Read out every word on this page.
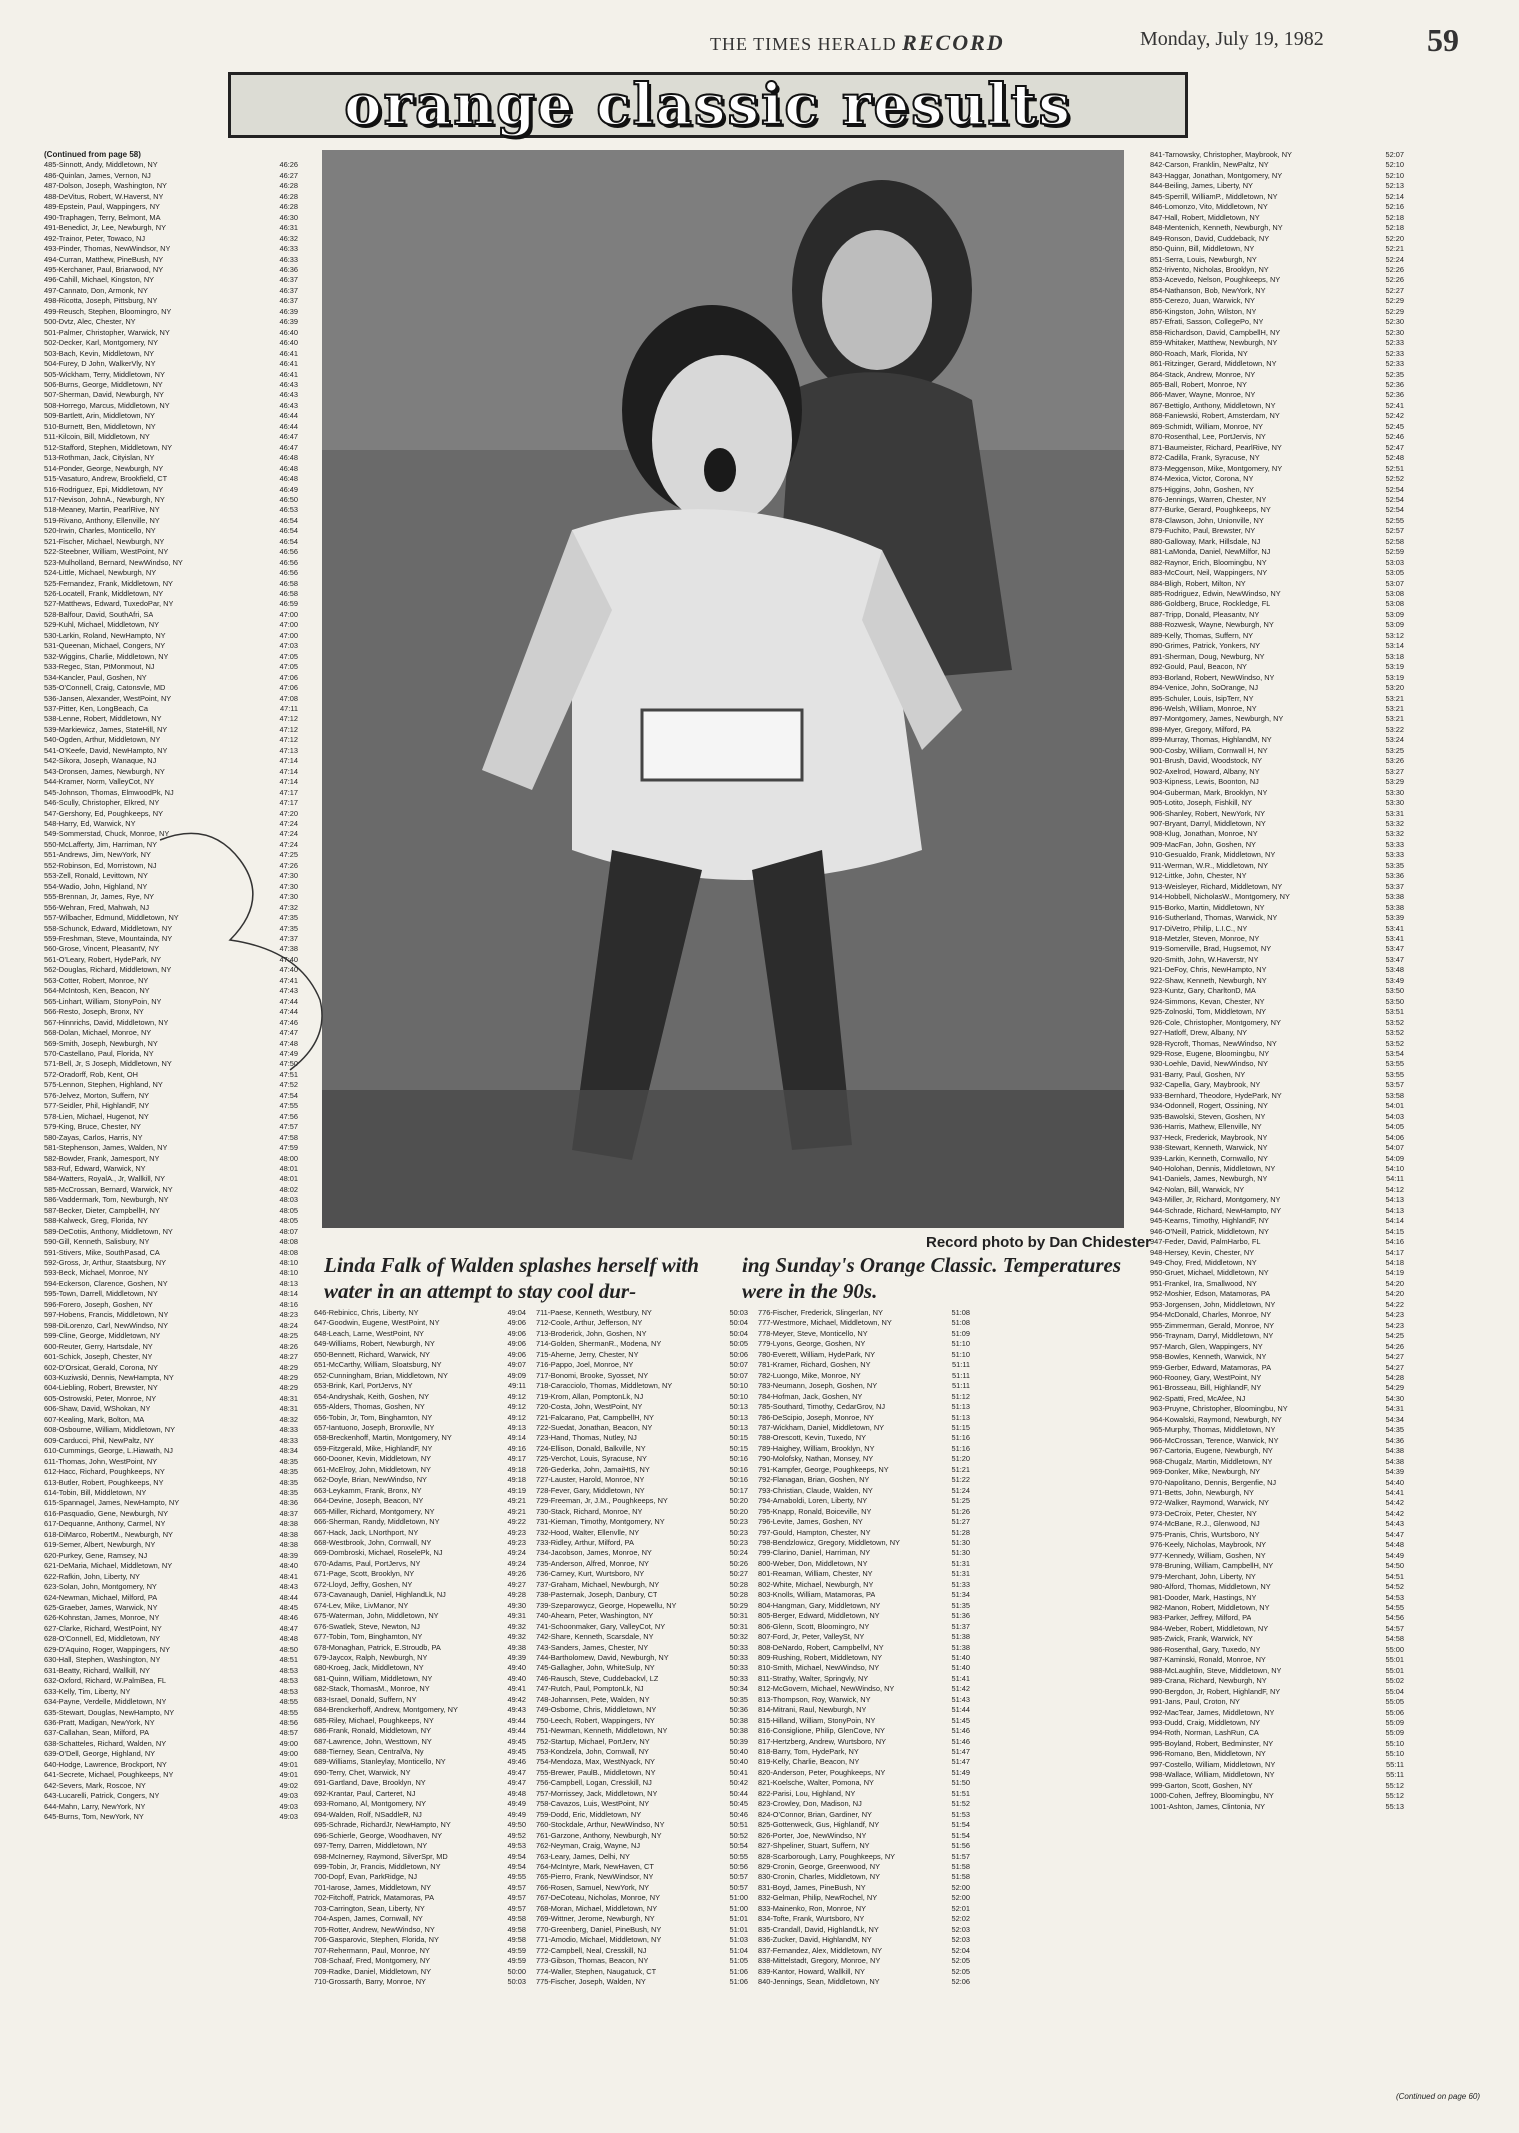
THE TIMES HERALD RECORD	Monday, July 19, 1982	59
orange classic results
(Continued from page 58)
485-Sinnott, Andy, Middletown, NY	46:26
486-Quinlan, James, Vernon, NJ	46:27
487-Dolson, Joseph, Washington, NY	46:28
488-DeVitus, Robert, W.Haverst, NY	46:28
489-Epstein, Paul, Wappingers, NY	46:28
490-Traphagen, Terry, Belmont, MA	46:30
491-Benedict, Jr, Lee, Newburgh, NY	46:31
492-Trainor, Peter, Towaco, NJ	46:32
493-Pinder, Thomas, NewWindsor, NY	46:33
494-Curran, Matthew, PineBush, NY	46:33
495-Kerchaner, Paul, Briarwood, NY	46:36
496-Cahill, Michael, Kingston, NY	46:37
497-Cannato, Don, Armonk, NY	46:37
498-Ricotta, Joseph, Pittsburg, NY	46:37
499-Reusch, Stephen, Bloomingro, NY	46:39
500-Dvtz, Alec, Chester, NY	46:39
501-Palmer, Christopher, Warwick, NY	46:40
502-Decker, Karl, Montgomery, NY	46:40
503-Bach, Kevin, Middletown, NY	46:41
504-Furey, D John, WalkerVly, NY	46:41
505-Wickham, Terry, Middletown, NY	46:41
506-Burns, George, Middletown, NY	46:43
507-Sherman, David, Newburgh, NY	46:43
508-Horrego, Marcus, Middletown, NY	46:43
509-Bartlett, Arin, Middletown, NY	46:44
510-Burnett, Ben, Middletown, NY	46:44
511-Kilcoin, Bill, Middletown, NY	46:47
512-Stafford, Stephen, Middletown, NY	46:47
513-Rothman, Jack, Cityislan, NY	46:48
514-Ponder, George, Newburgh, NY	46:48
515-Vasaturo, Andrew, Brookfield, CT	46:48
516-Rodriguez, Epi, Middletown, NY	46:49
517-Nevison, JohnA., Newburgh, NY	46:50
518-Meaney, Martin, PearlRive, NY	46:53
519-Rivano, Anthony, Ellenville, NY	46:54
520-Irwin, Charles, Monticello, NY	46:54
521-Fischer, Michael, Newburgh, NY	46:54
522-Steebner, William, WestPoint, NY	46:56
523-Mulholland, Bernard, NewWindso, NY	46:56
524-Little, Michael, Newburgh, NY	46:56
525-Fernandez, Frank, Middletown, NY	46:58
526-Locatell, Frank, Middletown, NY	46:58
527-Matthews, Edward, TuxedoPar, NY	46:59
528-Balfour, David, SouthAfri, SA	47:00
529-Kuhl, Michael, Middletown, NY	47:00
530-Larkin, Roland, NewHampto, NY	47:00
531-Queenan, Michael, Congers, NY	47:03
532-Wiggins, Charlie, Middletown, NY	47:05
533-Regec, Stan, PtMonmout, NJ	47:05
534-Kancler, Paul, Goshen, NY	47:06
535-O'Connell, Craig, Catonsvle, MD	47:06
536-Jansen, Alexander, WestPoint, NY	47:08
537-Pitter, Ken, LongBeach, Ca	47:11
538-Lenne, Robert, Middletown, NY	47:12
539-Markiewicz, James, StateHill, NY	47:12
540-Ogden, Arthur, Middletown, NY	47:12
541-O'Keefe, David, NewHampto, NY	47:13
542-Sikora, Joseph, Wanaque, NJ	47:14
543-Dronsen, James, Newburgh, NY	47:14
544-Kramer, Norm, ValleyCot, NY	47:14
545-Johnson, Thomas, ElmwoodPk, NJ	47:17
546-Scully, Christopher, Elkred, NY	47:17
547-Gershony, Ed, Poughkeeps, NY	47:20
548-Harry, Ed, Warwick, NY	47:24
549-Sommerstad, Chuck, Monroe, NY	47:24
550-McLafferty, Jim, Harriman, NY	47:24
551-Andrews, Jim, NewYork, NY	47:25
552-Robinson, Ed, Morristown, NJ	47:26
553-Zell, Ronald, Levittown, NY	47:30
554-Wadio, John, Highland, NY	47:30
555-Brennan, Jr, James, Rye, NY	47:30
556-Wehran, Fred, Mahwah, NJ	47:32
557-Wilbacher, Edmund, Middletown, NY	47:35
558-Schunck, Edward, Middletown, NY	47:35
559-Freshman, Steve, Mountainda, NY	47:37
560-Grose, Vincent, PleasantV, NY	47:38
561-O'Leary, Robert, HydePark, NY	47:40
562-Douglas, Richard, Middletown, NY	47:40
563-Cotter, Robert, Monroe, NY	47:41
564-McIntosh, Ken, Beacon, NY	47:43
565-Linhart, William, StonyPoin, NY	47:44
566-Resto, Joseph, Bronx, NY	47:44
567-Hinnrichs, David, Middletown, NY	47:46
568-Dolan, Michael, Monroe, NY	47:47
569-Smith, Joseph, Newburgh, NY	47:48
570-Castellano, Paul, Florida, NY	47:49
571-Bell, Jr, S Joseph, Middletown, NY	47:50
572-Oradorff, Rob, Kent, OH	47:51
575-Lennon, Stephen, Highland, NY	47:52
576-Jelvez, Morton, Suffern, NY	47:54
577-Seidler, Phil, HighlandF, NY	47:55
578-Lien, Michael, Hugenot, NY	47:56
579-King, Bruce, Chester, NY	47:57
580-Zayas, Carlos, Harris, NY	47:58
581-Stephenson, James, Walden, NY	47:59
582-Bowder, Frank, Jamesport, NY	48:00
583-Ruf, Edward, Warwick, NY	48:01
584-Watters, RoyalA., Jr, Wallkill, NY	48:01
585-McCrossan, Bernard, Warwick, NY	48:02
586-Vaddermark, Tom, Newburgh, NY	48:03
587-Becker, Dieter, CampbellH, NY	48:05
588-Kalweck, Greg, Florida, NY	48:05
589-DeCotiis, Anthony, Middletown, NY	48:07
590-Gill, Kenneth, Salisbury, NY	48:08
591-Stivers, Mike, SouthPasad, CA	48:08
592-Gross, Jr, Arthur, Staatsburg, NY	48:10
593-Beck, Michael, Monroe, NY	48:10
594-Eckerson, Clarence, Goshen, NY	48:13
595-Town, Darrell, Middletown, NY	48:14
596-Forero, Joseph, Goshen, NY	48:16
597-Hobens, Francis, Middletown, NY	48:23
598-DiLorenzo, Carl, NewWindso, NY	48:24
599-Cline, George, Middletown, NY	48:25
600-Reuter, Gerry, Hartsdale, NY	48:26
601-Schick, Joseph, Chester, NY	48:27
602-D'Orsicat, Gerald, Corona, NY	48:29
603-Kuziwski, Dennis, NewHampta, NY	48:29
604-Liebling, Robert, Brewster, NY	48:29
605-Ostrowski, Peter, Monroe, NY	48:31
606-Shaw, David, WShokan, NY	48:31
607-Kealing, Mark, Bolton, MA	48:32
608-Osbourne, William, Middletown, NY	48:33
609-Carducci, Phil, NewPaltz, NY	48:33
610-Cummings, George, L.Hiawath, NJ	48:34
611-Thomas, John, WestPoint, NY	48:35
612-Hacc, Richard, Poughkeeps, NY	48:35
613-Butler, Robert, Poughkeeps, NY	48:35
614-Tobin, Bill, Middletown, NY	48:35
615-Spannagel, James, NewHampto, NY	48:36
616-Pasquadio, Gene, Newburgh, NY	48:37
617-Dequanne, Anthony, Carmel, NY	48:38
618-DiMarco, RobertM., Newburgh, NY	48:38
619-Semer, Albert, Newburgh, NY	48:38
620-Purkey, Gene, Ramsey, NJ	48:39
621-DeMaria, Michael, Middletown, NY	48:40
622-Rafkin, John, Liberty, NY	48:41
623-Solan, John, Montgomery, NY	48:43
624-Newman, Michael, Milford, PA	48:44
625-Graeber, James, Warwick, NY	48:45
626-Kohnstan, James, Monroe, NY	48:46
627-Clarke, Richard, WestPoint, NY	48:47
628-O'Connell, Ed, Middletown, NY	48:48
629-D'Aquino, Roger, Wappingers, NY	48:50
630-Hall, Stephen, Washington, NY	48:51
631-Beatty, Richard, Wallkill, NY	48:53
632-Oxford, Richard, W.PalmBea, FL	48:53
633-Kelly, Tim, Liberty, NY	48:53
634-Payne, Verdelle, Middletown, NY	48:55
635-Stewart, Douglas, NewHampto, NY	48:55
636-Pratt, Madigan, NewYork, NY	48:56
637-Callahan, Sean, Milford, PA	48:57
638-Schatteles, Richard, Walden, NY	49:00
639-O'Dell, George, Highland, NY	49:00
640-Hodge, Lawrence, Brockport, NY	49:01
641-Secrete, Michael, Poughkeeps, NY	49:01
642-Severs, Mark, Roscoe, NY	49:02
643-Lucarelli, Patrick, Congers, NY	49:03
644-Mahn, Larry, NewYork, NY	49:03
645-Burns, Tom, NewYork, NY	49:03
Record photo by Dan Chidester
Linda Falk of Walden splashes herself with water in an attempt to stay cool dur-
ing Sunday's Orange Classic. Temperatures were in the 90s.
646-Rebinicc, Chris, Liberty, NY	49:04
647-Goodwin, Eugene, WestPoint, NY	49:06
648-Leach, Larne, WestPoint, NY	49:06
649-Williams, Robert, Newburgh, NY	49:06
650-Bennett, Richard, Warwick, NY	49:06
651-McCarthy, William, Sloatsburg, NY	49:07
652-Cunningham, Brian, Middletown, NY	49:09
653-Brink, Karl, PortJervs, NY	49:11
654-Andryshak, Keith, Goshen, NY	49:12
655-Alders, Thomas, Goshen, NY	49:12
656-Tobin, Jr, Tom, Binghamton, NY	49:12
657-Iantuono, Joseph, Bronxvlle, NY	49:13
658-Breckenhoff, Martin, Montgomery, NY	49:14
659-Fitzgerald, Mike, HighlandF, NY	49:16
660-Dooner, Kevin, Middletown, NY	49:17
661-McElroy, John, Middletown, NY	49:18
662-Doyle, Brian, NewWindso, NY	49:18
663-Leykamm, Frank, Bronx, NY	49:19
664-Devine, Joseph, Beacon, NY	49:21
665-Miller, Richard, Montgomery, NY	49:21
666-Sherman, Randy, Middletown, NY	49:22
667-Hack, Jack, LNorthport, NY	49:23
668-Westbrook, John, Cornwall, NY	49:23
669-Dombroski, Michael, RoselePk, NJ	49:24
670-Adams, Paul, PortJervs, NY	49:24
671-Page, Scott, Brooklyn, NY	49:26
672-Lloyd, Jeffry, Goshen, NY	49:27
673-Cavanaugh, Daniel, HighlandLk, NJ	49:28
674-Lev, Mike, LivManor, NY	49:30
675-Waterman, John, Middletown, NY	49:31
676-Swatlek, Steve, Newton, NJ	49:32
677-Tobin, Tom, Binghamton, NY	49:32
678-Monaghan, Patrick, E.Stroudb, PA	49:38
679-Jaycox, Ralph, Newburgh, NY	49:39
680-Kroeg, Jack, Middletown, NY	49:40
681-Quinn, William, Middletown, NY	49:40
682-Stack, ThomasM., Monroe, NY	49:41
683-Israel, Donald, Suffern, NY	49:42
684-Brenckerhoff, Andrew, Montgomery, NY	49:43
685-Riley, Michael, Poughkeeps, NY	49:44
686-Frank, Ronald, Middletown, NY	49:44
687-Lawrence, John, Westtown, NY	49:45
688-Tierney, Sean, CentralVa, Ny	49:45
689-Williams, Stanleylay, Monticello, NY	49:46
690-Terry, Chet, Warwick, NY	49:47
691-Gartland, Dave, Brooklyn, NY	49:47
692-Krantar, Paul, Carteret, NJ	49:48
693-Romano, Al, Montgomery, NY	49:49
694-Walden, Rolf, NSaddleR, NJ	49:49
695-Schrade, RichardJr, NewHampto, NY	49:50
696-Schierle, George, Woodhaven, NY	49:52
697-Terry, Darren, Middletown, NY	49:53
698-McInerney, Raymond, SilverSpr, MD	49:54
699-Tobin, Jr, Francis, Middletown, NY	49:54
700-Dopf, Evan, ParkRidge, NJ	49:55
701-Iarose, James, Middletown, NY	49:57
702-Fitchoff, Patrick, Matamoras, PA	49:57
703-Carrington, Sean, Liberty, NY	49:57
704-Aspen, James, Cornwall, NY	49:58
705-Rotter, Andrew, NewWindso, NY	49:58
706-Gasparovic, Stephen, Florida, NY	49:58
707-Rehermann, Paul, Monroe, NY	49:59
708-Schaaf, Fred, Montgomery, NY	49:59
709-Radke, Daniel, Middletown, NY	50:00
710-Grossarth, Barry, Monroe, NY	50:03
711-Paese, Kenneth, Westbury, NY	50:03
712-Coole, Arthur, Jefferson, NY	50:04
713-Broderick, John, Goshen, NY	50:04
714-Golden, ShermanR., Modena, NY	50:05
715-Aherne, Jerry, Chester, NY	50:06
716-Pappo, Joel, Monroe, NY	50:07
717-Bonomi, Brooke, Syosset, NY	50:07
718-Caracciolo, Thomas, Middletown, NY	50:10
719-Krom, Allan, PomptonLk, NJ	50:10
720-Costa, John, WestPoint, NY	50:13
721-Falcarano, Pat, CampbellH, NY	50:13
722-Suedat, Jonathan, Beacon, NY	50:13
723-Hand, Thomas, Nutley, NJ	50:15
724-Ellison, Donald, Balkville, NY	50:15
725-Verchot, Louis, Syracuse, NY	50:16
726-Gederka, John, JamaiHtS, NY	50:16
727-Lauster, Harold, Monroe, NY	50:16
728-Fever, Gary, Middletown, NY	50:17
729-Freeman, Jr, J.M., Poughkeeps, NY	50:20
730-Stack, Richard, Monroe, NY	50:20
731-Kiernan, Timothy, Montgomery, NY	50:23
732-Hood, Walter, Ellenvlle, NY	50:23
733-Ridley, Arthur, Milford, PA	50:23
734-Jacobson, James, Monroe, NY	50:24
735-Anderson, Alfred, Monroe, NY	50:26
736-Carney, Kurt, Wurtsboro, NY	50:27
737-Graham, Michael, Newburgh, NY	50:28
738-Pasternak, Joseph, Danbury, CT	50:28
739-Szeparowycz, George, Hopewellu, NY	50:29
740-Ahearn, Peter, Washington, NY	50:31
741-Schoonmaker, Gary, ValleyCot, NY	50:31
742-Share, Kenneth, Scarsdale, NY	50:32
743-Sanders, James, Chester, NY	50:33
744-Bartholomew, David, Newburgh, NY	50:33
745-Gallagher, John, WhiteSulp, NY	50:33
746-Rausch, Steve, Cuddebackvl, LZ	50:33
747-Rutch, Paul, PomptonLk, NJ	50:34
748-Johannsen, Pete, Walden, NY	50:35
749-Osborne, Chris, Middletown, NY	50:36
750-Leech, Robert, Wappingers, NY	50:38
751-Newman, Kenneth, Middletown, NY	50:38
752-Startup, Michael, PortJerv, NY	50:39
753-Kondzela, John, Cornwall, NY	50:40
754-Mendoza, Max, WestNyack, NY	50:40
755-Brewer, PaulB., Middletown, NY	50:41
756-Campbell, Logan, Cresskill, NJ	50:42
757-Morrissey, Jack, Middletown, NY	50:44
758-Cavazos, Luis, WestPoint, NY	50:45
759-Dodd, Eric, Middletown, NY	50:46
760-Stockdale, Arthur, NewWindso, NY	50:51
761-Garzone, Anthony, Newburgh, NY	50:52
762-Neyman, Craig, Wayne, NJ	50:54
763-Leary, James, Delhi, NY	50:55
764-McIntyre, Mark, NewHaven, CT	50:56
765-Pierro, Frank, NewWindsor, NY	50:57
766-Rosen, Samuel, NewYork, NY	50:57
767-DeCoteau, Nicholas, Monroe, NY	51:00
768-Moran, Michael, Middletown, NY	51:00
769-Wittner, Jerome, Newburgh, NY	51:01
770-Greenberg, Daniel, PineBush, NY	51:01
771-Amodio, Michael, Middletown, NY	51:03
772-Campbell, Neal, Cresskill, NJ	51:04
773-Gibson, Thomas, Beacon, NY	51:05
774-Waller, Stephen, Naugatuck, CT	51:06
775-Fischer, Joseph, Walden, NY	51:06
776-Fischer, Frederick, Slingerlan, NY	51:08
777-Westmore, Michael, Middletown, NY	51:08
778-Meyer, Steve, Monticello, NY	51:09
779-Lyons, George, Goshen, NY	51:10
780-Everett, William, HydePark, NY	51:10
781-Kramer, Richard, Goshen, NY	51:11
782-Luongo, Mike, Monroe, NY	51:11
783-Neumann, Joseph, Goshen, NY	51:11
784-Hofman, Jack, Goshen, NY	51:12
785-Southard, Timothy, CedarGrov, NJ	51:13
786-DeScipio, Joseph, Monroe, NY	51:13
787-Wickham, Daniel, Middletown, NY	51:15
788-Orescott, Kevin, Tuxedo, NY	51:16
789-Haighey, William, Brooklyn, NY	51:16
790-Molofsky, Nathan, Monsey, NY	51:20
791-Kampfer, George, Poughkeeps, NY	51:21
792-Flanagan, Brian, Goshen, NY	51:22
793-Christian, Claude, Walden, NY	51:24
794-Arnaboldi, Loren, Liberty, NY	51:25
795-Knapp, Ronald, Boiceville, NY	51:26
796-Levite, James, Goshen, NY	51:27
797-Gould, Hampton, Chester, NY	51:28
798-Bendzlowicz, Gregory, Middletown, NY	51:30
799-Clarino, Daniel, Harriman, NY	51:30
800-Weber, Don, Middletown, NY	51:31
801-Reaman, William, Chester, NY	51:31
802-White, Michael, Newburgh, NY	51:33
803-Knolls, William, Matamoras, PA	51:34
804-Hangman, Gary, Middletown, NY	51:35
805-Berger, Edward, Middletown, NY	51:36
806-Glenn, Scott, Bloomingro, NY	51:37
807-Ford, Jr, Peter, ValleySt, NY	51:38
808-DeNardo, Robert, Campbellvl, NY	51:38
809-Rushing, Robert, Middletown, NY	51:40
810-Smith, Michael, NewWindso, NY	51:40
811-Strathy, Walter, Springvly, NY	51:41
812-McGovern, Michael, NewWindso, NY	51:42
813-Thompson, Roy, Warwick, NY	51:43
814-Mitrani, Raul, Newburgh, NY	51:44
815-Hilland, William, StonyPoin, NY	51:45
816-Consiglione, Philip, GlenCove, NY	51:46
817-Hertzberg, Andrew, Wurtsboro, NY	51:46
818-Barry, Tom, HydePark, NY	51:47
819-Kelly, Charlie, Beacon, NY	51:47
820-Anderson, Peter, Poughkeeps, NY	51:49
821-Koelsche, Walter, Pomona, NY	51:50
822-Parisi, Lou, Highland, NY	51:51
823-Crowley, Don, Madison, NJ	51:52
824-O'Connor, Brian, Gardiner, NY	51:53
825-Gottenweck, Gus, Highlandf, NY	51:54
826-Porter, Joe, NewWindso, NY	51:54
827-Shpeliner, Stuart, Suffern, NY	51:56
828-Scarborough, Larry, Poughkeeps, NY	51:57
829-Cronin, George, Greenwood, NY	51:58
830-Cronin, Charles, Middletown, NY	51:58
831-Boyd, James, PineBush, NY	52:00
832-Gelman, Philip, NewRochel, NY	52:00
833-Mainenko, Ron, Monroe, NY	52:01
834-Tofte, Frank, Wurtsboro, NY	52:02
835-Crandall, David, HighlandLk, NY	52:03
836-Zucker, David, HighlandM, NY	52:03
837-Fernandez, Alex, Middletown, NY	52:04
838-Mittelstadt, Gregory, Monroe, NY	52:05
839-Kantor, Howard, Wallkill, NY	52:05
840-Jennings, Sean, Middletown, NY	52:06
841-Tarnowsky, Christopher, Maybrook, NY	52:07
842-Carson, Franklin, NewPaltz, NY	52:10
843-Haggar, Jonathan, Montgomery, NY	52:10
844-Beiling, James, Liberty, NY	52:13
845-Sperrill, WilliamP., Middletown, NY	52:14
846-Lomonzo, Vito, Middletown, NY	52:16
847-Hall, Robert, Middletown, NY	52:18
848-Mentenich, Kenneth, Newburgh, NY	52:18
849-Ronson, David, Cuddeback, NY	52:20
850-Quinn, Bill, Middletown, NY	52:21
851-Serra, Louis, Newburgh, NY	52:24
852-Irivento, Nicholas, Brooklyn, NY	52:26
853-Acevedo, Nelson, Poughkeeps, NY	52:26
854-Nathanson, Bob, NewYork, NY	52:27
855-Cerezo, Juan, Warwick, NY	52:29
856-Kingston, John, Wilston, NY	52:29
857-Efrati, Sasson, CollegePo, NY	52:30
858-Richardson, David, CampbellH, NY	52:30
859-Whitaker, Matthew, Newburgh, NY	52:33
860-Roach, Mark, Florida, NY	52:33
861-Ritzinger, Gerard, Middletown, NY	52:33
864-Stack, Andrew, Monroe, NY	52:35
865-Ball, Robert, Monroe, NY	52:36
866-Maver, Wayne, Monroe, NY	52:36
867-Bettiglo, Anthony, Middletown, NY	52:41
868-Faniewski, Robert, Amsterdam, NY	52:42
869-Schmidt, William, Monroe, NY	52:45
870-Rosenthal, Lee, PortJervis, NY	52:46
871-Baumeister, Richard, PearlRive, NY	52:47
872-Cadilla, Frank, Syracuse, NY	52:48
873-Meggenson, Mike, Montgomery, NY	52:51
874-Mexica, Victor, Corona, NY	52:52
875-Higgins, John, Goshen, NY	52:54
876-Jennings, Warren, Chester, NY	52:54
877-Burke, Gerard, Poughkeeps, NY	52:54
878-Clawson, John, Unionville, NY	52:55
879-Fuchito, Paul, Brewster, NY	52:57
880-Galloway, Mark, Hillsdale, NJ	52:58
881-LaMonda, Daniel, NewMilfor, NJ	52:59
882-Raynor, Erich, Bloomingbu, NY	53:03
883-McCourt, Neil, Wappingers, NY	53:05
884-Bligh, Robert, Milton, NY	53:07
885-Rodriguez, Edwin, NewWindso, NY	53:08
886-Goldberg, Bruce, Rockledge, FL	53:08
887-Tripp, Donald, Pleasantv, NY	53:09
888-Rozwesk, Wayne, Newburgh, NY	53:09
889-Kelly, Thomas, Suffern, NY	53:12
890-Grimes, Patrick, Yonkers, NY	53:14
891-Sherman, Doug, Newburg, NY	53:18
892-Gould, Paul, Beacon, NY	53:19
893-Borland, Robert, NewWindso, NY	53:19
894-Venice, John, SoOrange, NJ	53:20
895-Schuler, Louis, IsipTerr, NY	53:21
896-Welsh, William, Monroe, NY	53:21
897-Montgomery, James, Newburgh, NY	53:21
898-Myer, Gregory, Milford, PA	53:22
899-Murray, Thomas, HighlandM, NY	53:24
900-Cosby, William, Cornwall H, NY	53:25
901-Brush, David, Woodstock, NY	53:26
902-Axelrod, Howard, Albany, NY	53:27
903-Kipness, Lewis, Boonton, NJ	53:29
904-Guberman, Mark, Brooklyn, NY	53:30
905-Lotito, Joseph, Fishkill, NY	53:30
906-Shanley, Robert, NewYork, NY	53:31
907-Bryant, Darryl, Middletown, NY	53:32
908-Klug, Jonathan, Monroe, NY	53:32
909-MacFan, John, Goshen, NY	53:33
910-Gesualdo, Frank, Middletown, NY	53:33
911-Werman, W.R., Middletown, NY	53:35
912-Littke, John, Chester, NY	53:36
913-Weisleyer, Richard, Middletown, NY	53:37
914-Hobbell, NicholasW., Montgomery, NY	53:38
915-Borko, Martin, Middletown, NY	53:38
916-Sutherland, Thomas, Warwick, NY	53:39
917-DiVetro, Philip, L.I.C., NY	53:41
918-Metzler, Steven, Monroe, NY	53:41
919-Somerville, Brad, Hugsemot, NY	53:47
920-Smith, John, W.Haverstr, NY	53:47
921-DeFoy, Chris, NewHampto, NY	53:48
922-Shaw, Kenneth, Newburgh, NY	53:49
923-Kuntz, Gary, CharltonD, MA	53:50
924-Simmons, Kevan, Chester, NY	53:50
925-Zolnoski, Tom, Middletown, NY	53:51
926-Cole, Christopher, Montgomery, NY	53:52
927-Hatloff, Drew, Albany, NY	53:52
928-Rycroft, Thomas, NewWindso, NY	53:52
929-Rose, Eugene, Bloomingbu, NY	53:54
930-Loehle, David, NewWindso, NY	53:55
931-Barry, Paul, Goshen, NY	53:55
932-Capella, Gary, Maybrook, NY	53:57
933-Bernhard, Theodore, HydePark, NY	53:58
934-Odonnell, Rogert, Ossining, NY	54:01
935-Bawolski, Steven, Goshen, NY	54:03
936-Harris, Mathew, Ellenville, NY	54:05
937-Heck, Frederick, Maybrook, NY	54:06
938-Stewart, Kenneth, Warwick, NY	54:07
939-Larkin, Kenneth, Cornwallo, NY	54:09
940-Holohan, Dennis, Middletown, NY	54:10
941-Daniels, James, Newburgh, NY	54:11
942-Nolan, Bill, Warwick, NY	54:12
943-Miller, Jr, Richard, Montgomery, NY	54:13
944-Schrade, Richard, NewHampto, NY	54:13
945-Kearns, Timothy, HighlandF, NY	54:14
946-O'Neill, Patrick, Middletown, NY	54:15
947-Feder, David, PalmHarbo, FL	54:16
948-Hersey, Kevin, Chester, NY	54:17
949-Choy, Fred, Middletown, NY	54:18
950-Gruet, Michael, Middletown, NY	54:19
951-Frankel, Ira, Smallwood, NY	54:20
952-Moshier, Edson, Matamoras, PA	54:20
953-Jorgensen, John, Middletown, NY	54:22
954-McDonald, Charles, Monroe, NY	54:23
955-Zimmerman, Gerald, Monroe, NY	54:23
956-Traynam, Darryl, Middletown, NY	54:25
957-March, Glen, Wappingers, NY	54:26
958-Bowles, Kenneth, Warwick, NY	54:27
959-Gerber, Edward, Matamoras, PA	54:27
960-Rooney, Gary, WestPoint, NY	54:28
961-Brosseau, Bill, HighlandF, NY	54:29
962-Spatti, Fred, McAfee, NJ	54:30
963-Pruyne, Christopher, Bloomingbu, NY	54:31
964-Kowalski, Raymond, Newburgh, NY	54:34
965-Murphy, Thomas, Middletown, NY	54:35
966-McCrossan, Terence, Warwick, NY	54:36
967-Cartoria, Eugene, Newburgh, NY	54:38
968-Chugalz, Martin, Middletown, NY	54:38
969-Donker, Mike, Newburgh, NY	54:39
970-Napolitano, Dennis, Bergenfie, NJ	54:40
971-Betts, John, Newburgh, NY	54:41
972-Walker, Raymond, Warwick, NY	54:42
973-DeCroix, Peter, Chester, NY	54:42
974-McBane, R.J., Glenwood, NJ	54:43
975-Pranis, Chris, Wurtsboro, NY	54:47
976-Keely, Nicholas, Maybrook, NY	54:48
977-Kennedy, William, Goshen, NY	54:49
978-Bruning, William, CampbellH, NY	54:50
979-Merchant, John, Liberty, NY	54:51
980-Alford, Thomas, Middletown, NY	54:52
981-Dooder, Mark, Hastings, NY	54:53
982-Manon, Robert, Middletown, NY	54:55
983-Parker, Jeffrey, Milford, PA	54:56
984-Weber, Robert, Middletown, NY	54:57
985-Zwick, Frank, Warwick, NY	54:58
986-Rosenthal, Gary, Tuxedo, NY	55:00
987-Kaminski, Ronald, Monroe, NY	55:01
988-McLaughlin, Steve, Middletown, NY	55:01
989-Crana, Richard, Newburgh, NY	55:02
990-Bergdon, Jr, Robert, HighlandF, NY	55:04
991-Jans, Paul, Croton, NY	55:05
992-MacTear, James, Middletown, NY	55:06
993-Dudd, Craig, Middletown, NY	55:09
994-Roth, Norman, LashRun, CA	55:09
995-Boyland, Robert, Bedminster, NY	55:10
996-Romano, Ben, Middletown, NY	55:10
997-Costello, William, Middletown, NY	55:11
998-Wallace, William, Middletown, NY	55:11
999-Garton, Scott, Goshen, NY	55:12
1000-Cohen, Jeffrey, Bloomingbu, NY	55:12
1001-Ashton, James, Clintonia, NY	55:13
(Continued on page 60)
